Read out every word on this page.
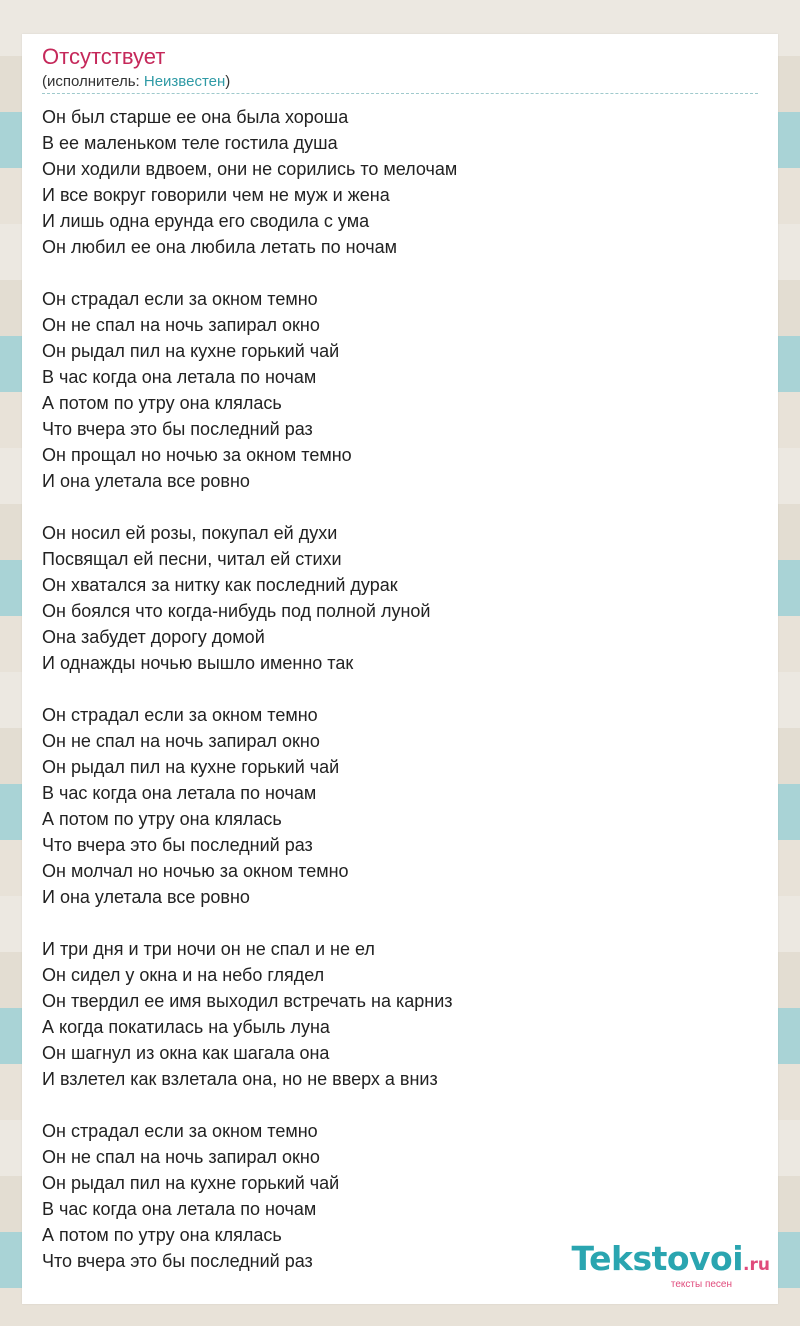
Отсутствует
(исполнитель: Неизвестен)
Он был старше ее она была хороша
В ее маленьком теле гостила душа
Они ходили вдвоем, они не сорились то мелочам
И все вокруг говорили чем не муж и жена
И лишь одна ерунда его сводила с ума
Он любил ее она любила летать по ночам
Он страдал если за окном темно
Он не спал на ночь запирал окно
Он рыдал пил на кухне горький чай
В час когда она летала по ночам
А потом по утру она клялась
Что вчера это бы последний раз
Он прощал но ночью за окном темно
И она улетала все ровно
Он носил ей розы, покупал ей духи
Посвящал ей песни, читал ей стихи
Он хватался за нитку как последний дурак
Он боялся что когда-нибудь под полной луной
Она забудет дорогу домой
И однажды ночью вышло именно так
Он страдал если за окном темно
Он не спал на ночь запирал окно
Он рыдал пил на кухне горький чай
В час когда она летала по ночам
А потом по утру она клялась
Что вчера это бы последний раз
Он молчал но ночью за окном темно
И она улетала все ровно
И три дня и три ночи он не спал и не ел
Он сидел у окна и на небо глядел
Он твердил ее имя выходил встречать на карниз
А когда покатилась на убыль луна
Он шагнул из окна как шагала она
И взлетел как взлетала она, но не вверх а вниз
Он страдал если за окном темно
Он не спал на ночь запирал окно
Он рыдал пил на кухне горький чай
В час когда она летала по ночам
А потом по утру она клялась
Что вчера это бы последний раз	Tekstovoi.ru
тексты песен
